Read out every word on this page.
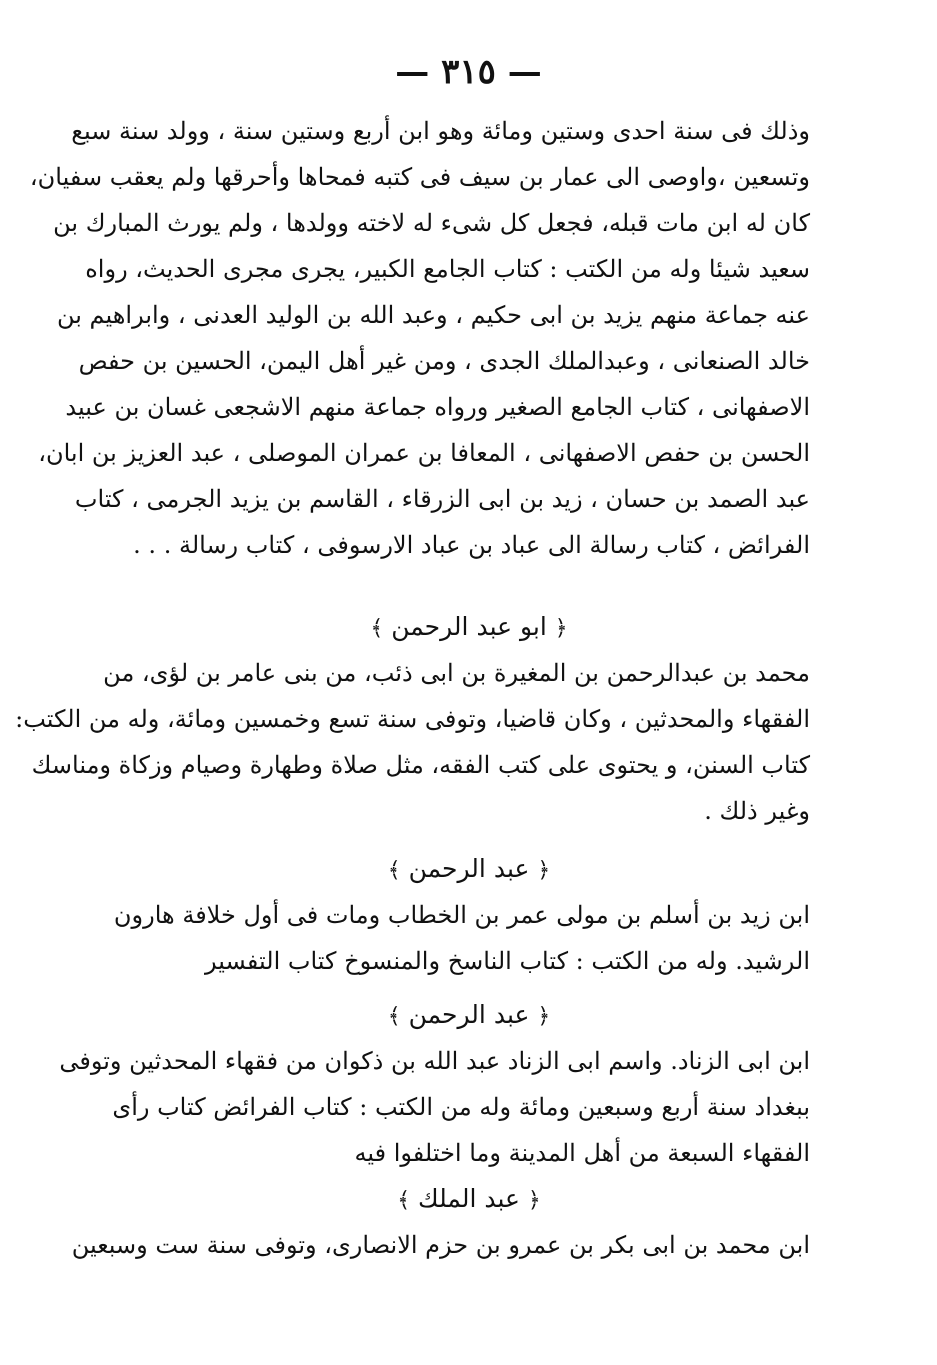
— ٣١٥ —
وذلك فى سنة احدى وستين ومائة وهو ابن أربع وستين سنة ، وولد سنة سبع
وتسعين ،واوصى الى عمار بن سيف فى كتبه فمحاها وأحرقها ولم يعقب سفيان،
كان له ابن مات قبله، فجعل كل شىء له لاخته وولدها ، ولم يورث المبارك بن
سعيد شيئا وله من الكتب : كتاب الجامع الكبير، يجرى مجرى الحديث، رواه
عنه جماعة منهم يزيد بن ابى حكيم ، وعبد الله بن الوليد العدنى ، وابراهيم بن
خالد الصنعانى ، وعبدالملك الجدى ، ومن غير أهل اليمن، الحسين بن حفص
الاصفهانى ، كتاب الجامع الصغير ورواه جماعة منهم الاشجعى غسان بن عبيد
الحسن بن حفص الاصفهانى ، المعافا بن عمران الموصلى ، عبد العزيز بن ابان،
عبد الصمد بن حسان ، زيد بن ابى الزرقاء ، القاسم بن يزيد الجرمى ، كتاب
الفرائض ، كتاب رسالة الى عباد بن عباد الارسوفى ، كتاب رسالة . . .
﴿ ابو عبد الرحمن ﴾
محمد بن عبدالرحمن بن المغيرة بن ابى ذئب، من بنى عامر بن لؤى، من
الفقهاء والمحدثين ، وكان قاضيا، وتوفى سنة تسع وخمسين ومائة، وله من الكتب:
كتاب السنن، و يحتوى على كتب الفقه، مثل صلاة وطهارة وصيام وزكاة ومناسك
وغير ذلك .
﴿ عبد الرحمن ﴾
ابن زيد بن أسلم بن مولى عمر بن الخطاب ومات فى أول خلافة هارون
الرشيد. وله من الكتب : كتاب الناسخ والمنسوخ كتاب التفسير
﴿ عبد الرحمن ﴾
ابن ابى الزناد. واسم ابى الزناد عبد الله بن ذكوان من فقهاء المحدثين وتوفى
ببغداد سنة أربع وسبعين ومائة وله من الكتب : كتاب الفرائض كتاب رأى
الفقهاء السبعة من أهل المدينة وما اختلفوا فيه
﴿ عبد الملك ﴾
ابن محمد بن ابى بكر بن عمرو بن حزم الانصارى، وتوفى سنة ست وسبعين
